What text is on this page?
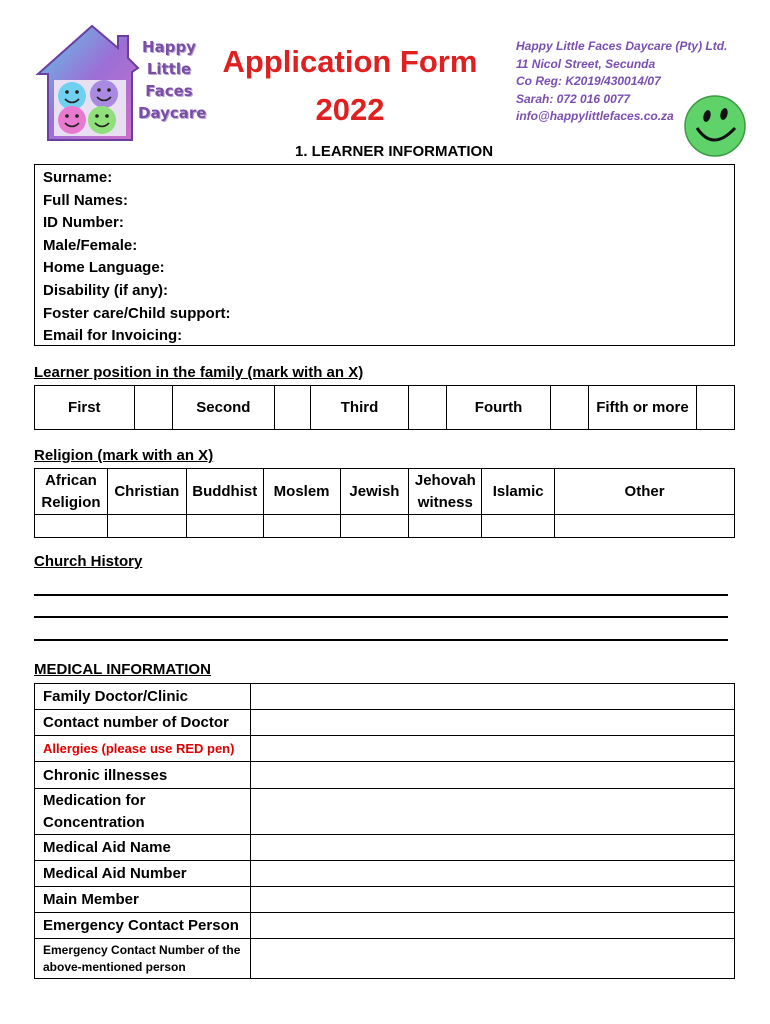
Happy
Little
Faces
Daycare
Application Form
2022
Happy Little Faces Daycare (Pty) Ltd.
11 Nicol Street, Secunda
Co Reg: K2019/430014/07
Sarah: 072 016 0077
info@happylittlefaces.co.za
1. LEARNER INFORMATION
Surname:
Full Names:
ID Number:
Male/Female:
Home Language:
Disability (if any):
Foster care/Child support:
Email for Invoicing:
Learner position in the family (mark with an X)
First		Second		Third		Fourth		Fifth or more	
Religion (mark with an X)
African Religion	Christian	Buddhist	Moslem	Jewish	Jehovah witness	Islamic	Other

Church History
MEDICAL INFORMATION
Family Doctor/Clinic	
Contact number of Doctor	
Allergies (please use RED pen)	
Chronic illnesses	
Medication for Concentration	
Medical Aid Name	
Medical Aid Number	
Main Member	
Emergency Contact Person	
Emergency Contact Number of the above-mentioned person	
